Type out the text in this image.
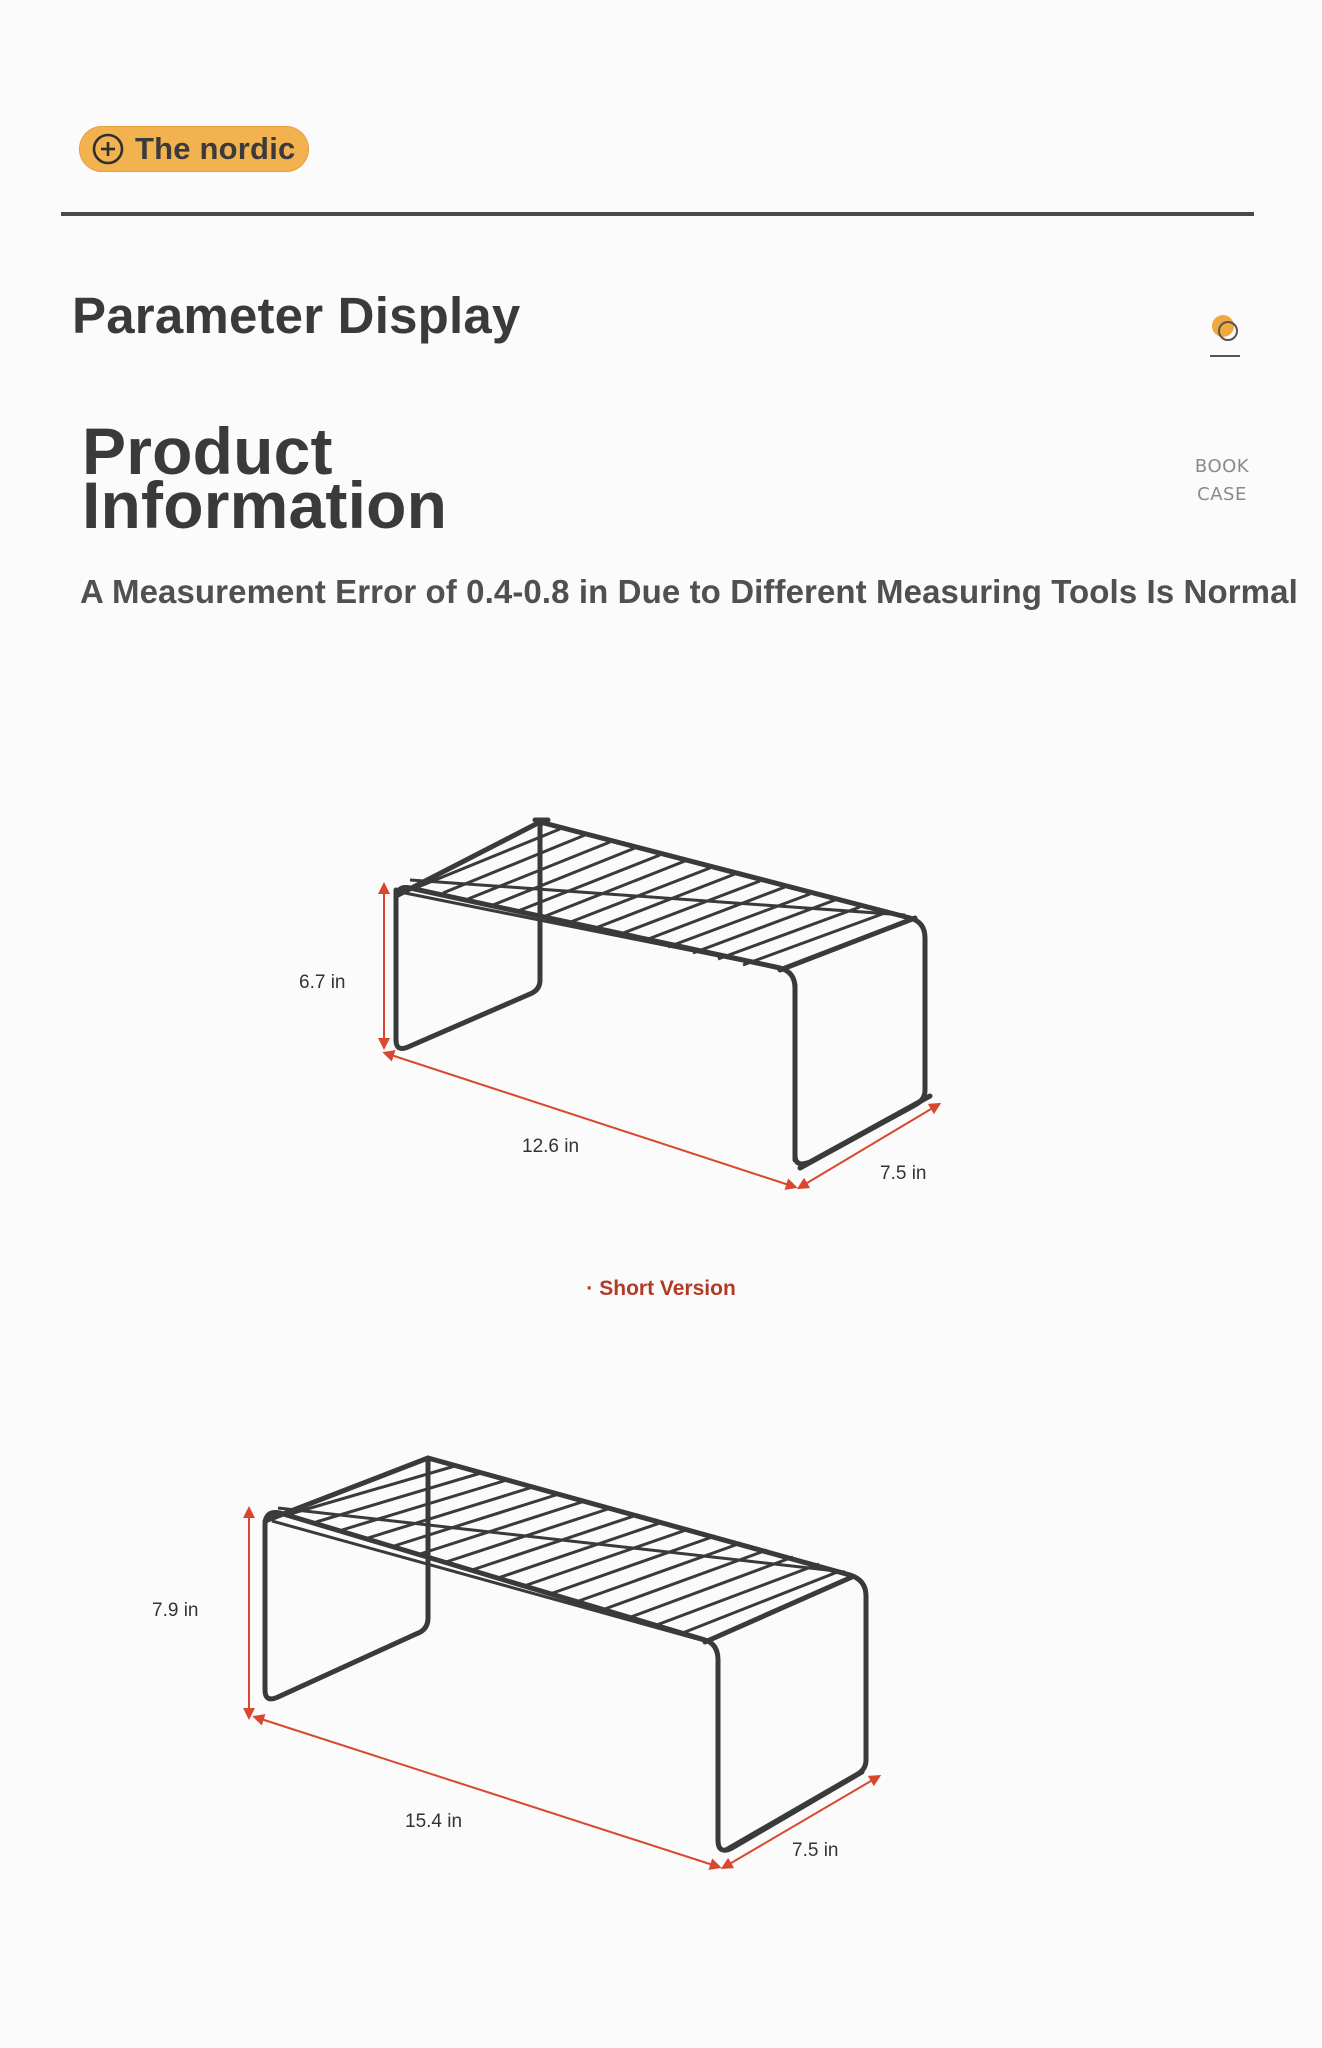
The nordic
Parameter Display
Product
Information
BOOK
CASE
A Measurement Error of 0.4-0.8 in Due to Different Measuring Tools Is Normal
6.7 in
12.6 in
7.5 in
· Short Version
7.9 in
15.4 in
7.5 in
